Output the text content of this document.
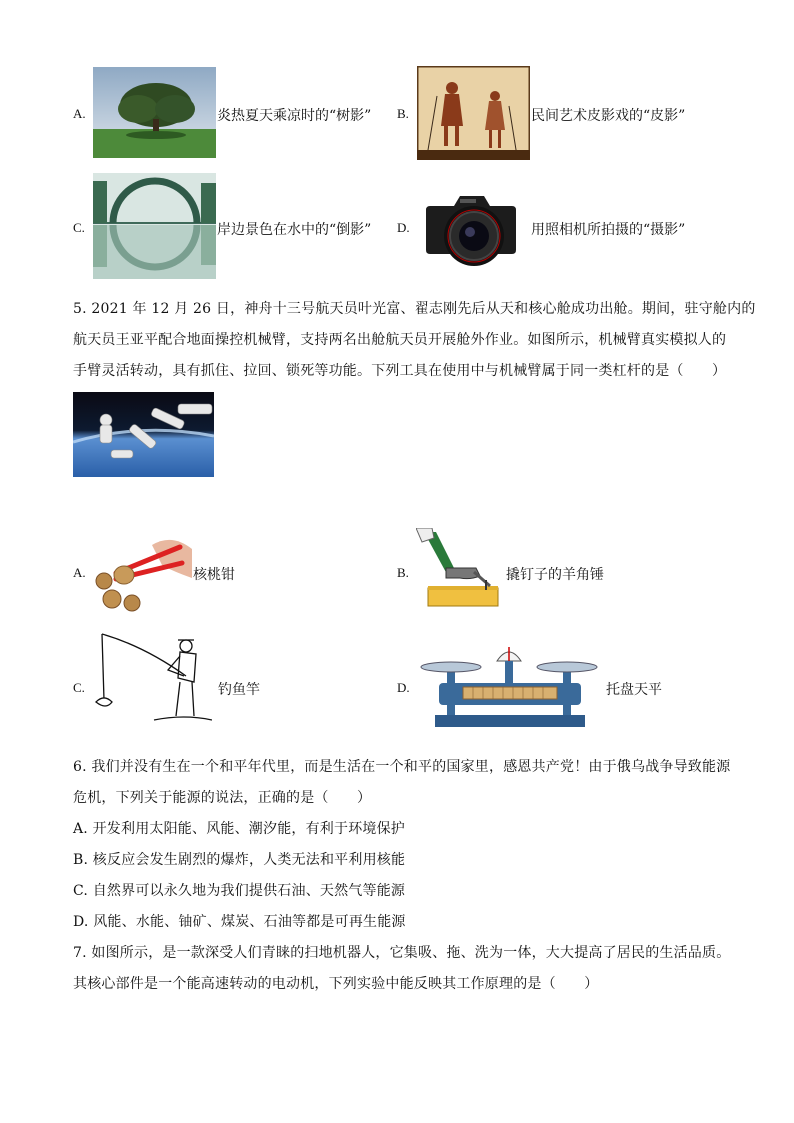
A.	炎热夏天乘凉时的“树影” B.	民间艺术皮影戏的“皮影”
C.	岸边景色在水中的“倒影” D.	用照相机所拍摄的“摄影”
5. 2021 年 12 月 26 日，神舟十三号航天员叶光富、翟志刚先后从天和核心舱成功出舱。期间，驻守舱内的
航天员王亚平配合地面操控机械臂，支持两名出舱航天员开展舱外作业。如图所示，机械臂真实模拟人的
手臂灵活转动，具有抓住、拉回、锁死等功能。下列工具在使用中与机械臂属于同一类杠杆的是（　　）
A.	核桃钳	B.	撬钉子的羊角锤
C.	钓鱼竿	D.	托盘天平
6. 我们并没有生在一个和平年代里，而是生活在一个和平的国家里，感恩共产党！由于俄乌战争导致能源
危机，下列关于能源的说法，正确的是（　　）
A. 开发利用太阳能、风能、潮汐能，有利于环境保护
B. 核反应会发生剧烈的爆炸，人类无法和平利用核能
C. 自然界可以永久地为我们提供石油、天然气等能源
D. 风能、水能、铀矿、煤炭、石油等都是可再生能源
7. 如图所示，是一款深受人们青睐的扫地机器人，它集吸、拖、洗为一体，大大提高了居民的生活品质。
其核心部件是一个能高速转动的电动机，下列实验中能反映其工作原理的是（　　）
